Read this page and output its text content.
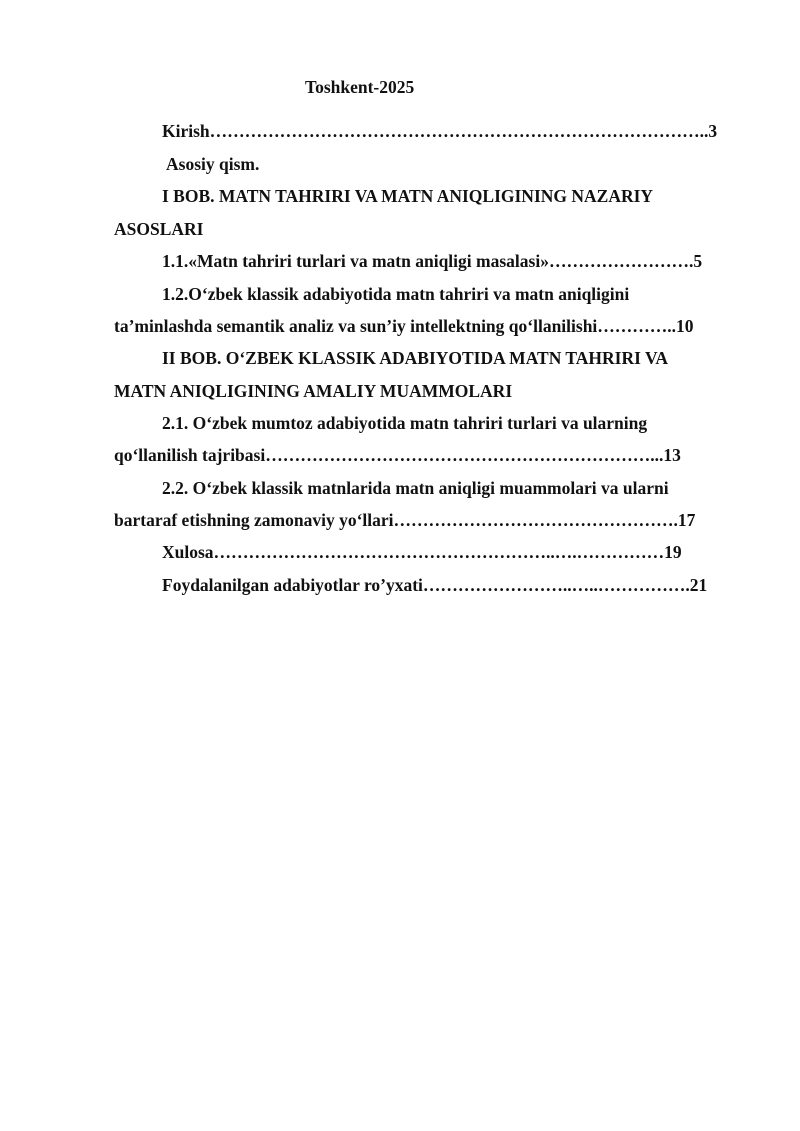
Toshkent-2025
Kirish…………………………………………………………………………..3
Asosiy qism.
I BOB. MATN TAHRIRI VA MATN ANIQLIGINING NAZARIY
ASOSLARI
1.1.«Matn tahriri turlari va matn aniqligi masalasi»…………………….5
1.2.O‘zbek klassik adabiyotida matn tahriri va matn aniqligini
ta’minlashda semantik analiz va sun’iy intellektning qo‘llanilishi…………..10
II BOB. O‘ZBEK KLASSIK ADABIYOTIDA MATN TAHRIRI VA
MATN ANIQLIGINING AMALIY MUAMMOLARI
2.1. O‘zbek mumtoz adabiyotida matn tahriri turlari va ularning
qo‘llanilish tajribasi…………………………………………………………...13
2.2. O‘zbek klassik matnlarida matn aniqligi muammolari va ularni
bartaraf etishning zamonaviy yo‘llari………………………………………….17
Xulosa…………………………………………………..….……………19
Foydalanilgan adabiyotlar ro’yxati……………………..…..…………….21
